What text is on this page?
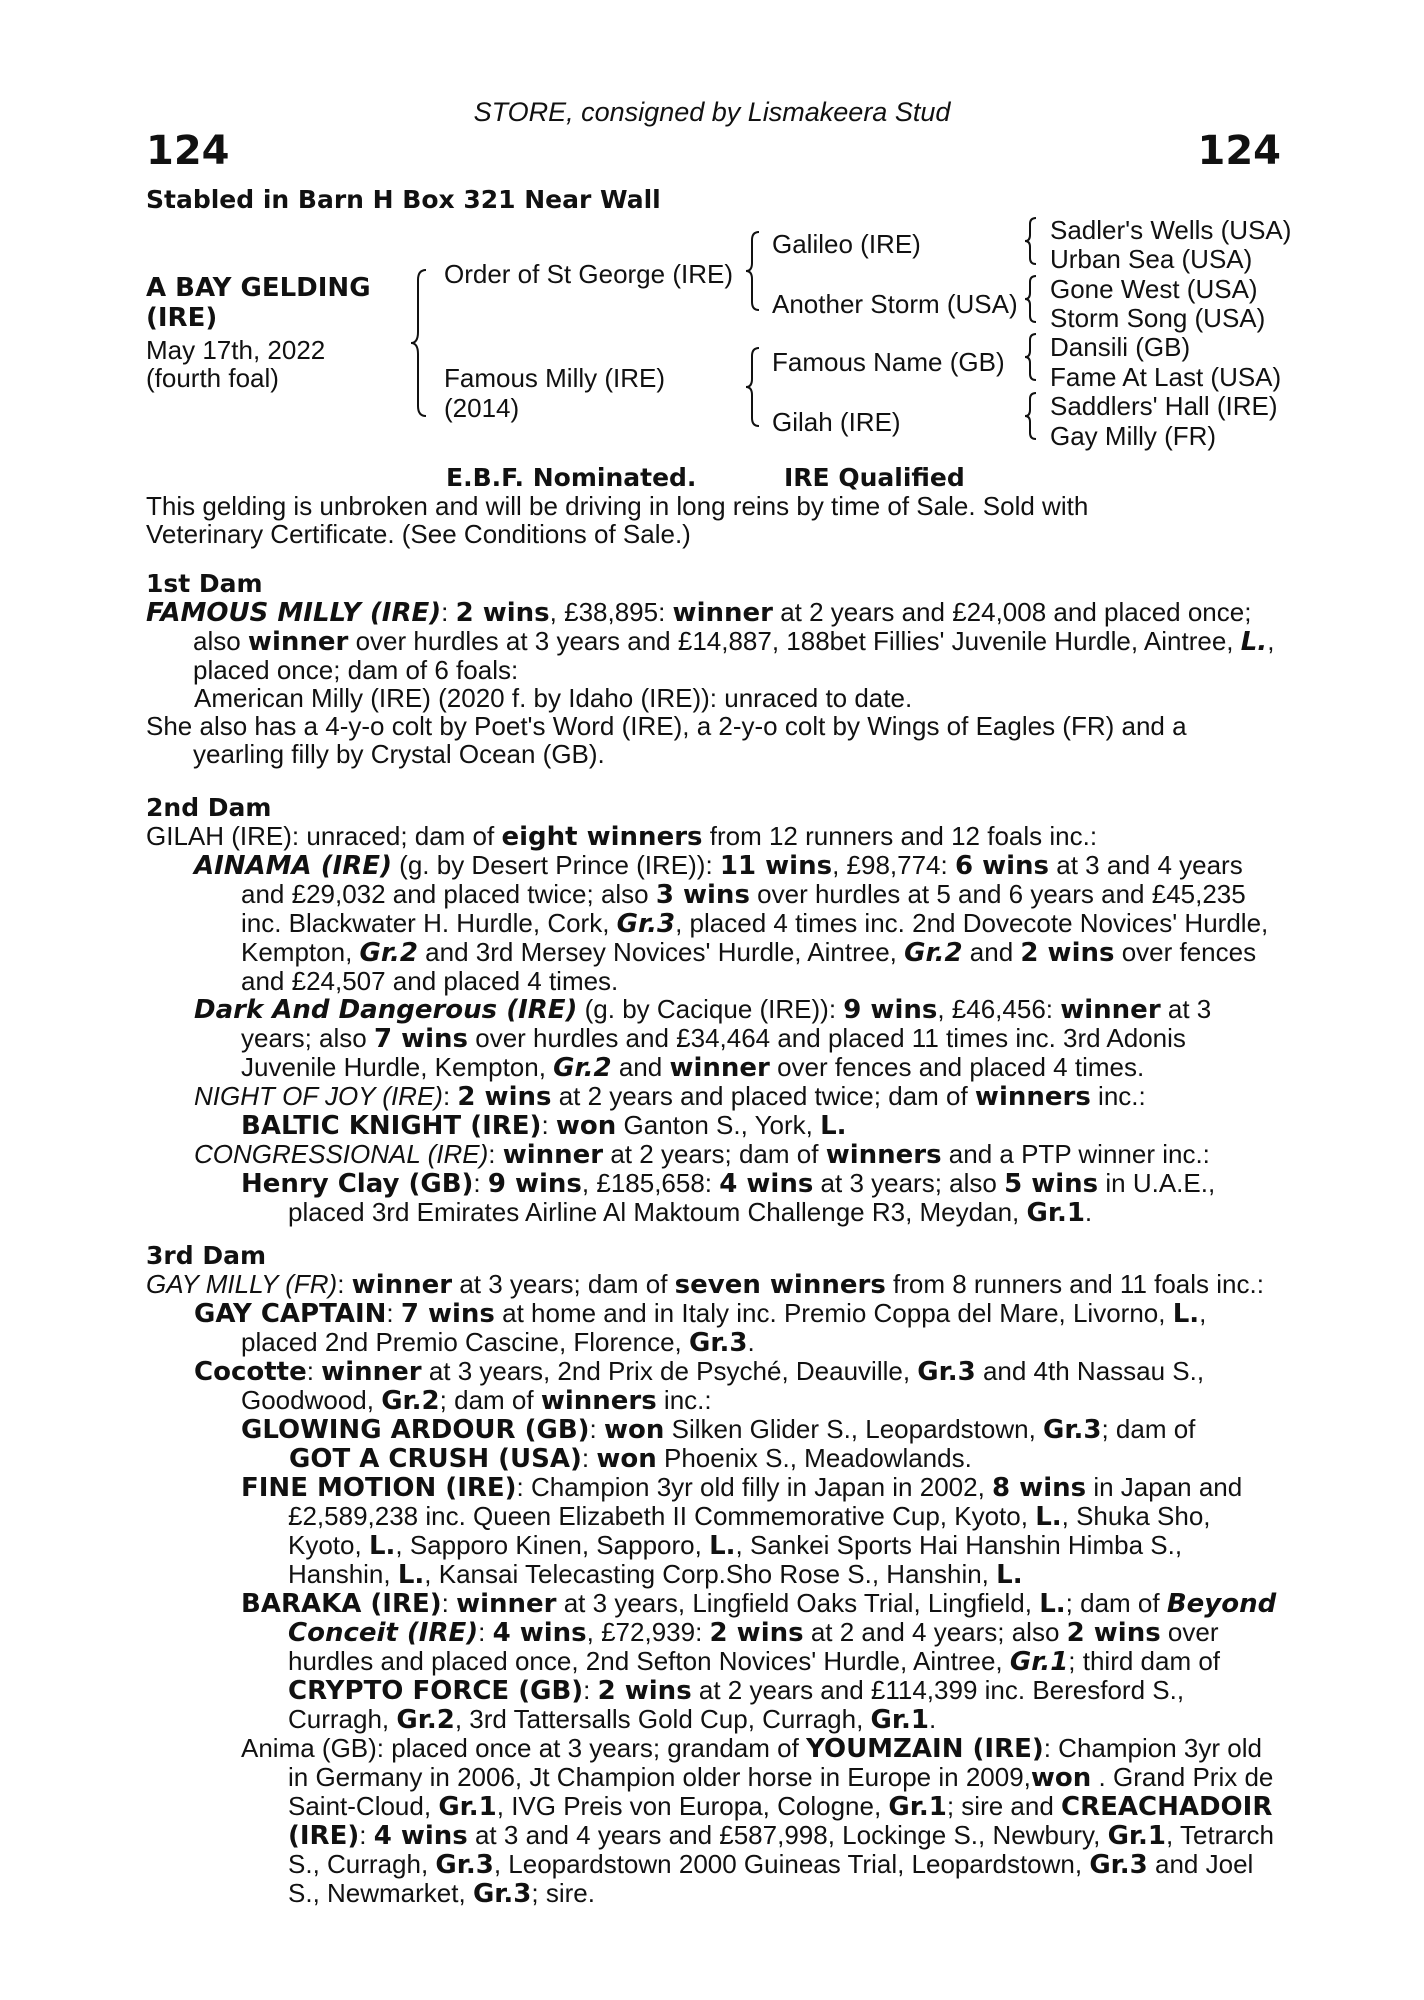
STORE, consigned by Lismakeera Stud
124	124
Stabled in Barn H Box 321 Near Wall
A BAY GELDING
(IRE)
May 17th, 2022
(fourth foal)
Order of St George (IRE)
Famous Milly (IRE)
(2014)
Galileo (IRE)
Another Storm (USA)
Famous Name (GB)
Gilah (IRE)
Sadler's Wells (USA)
Urban Sea (USA)
Gone West (USA)
Storm Song (USA)
Dansili (GB)
Fame At Last (USA)
Saddlers' Hall (IRE)
Gay Milly (FR)
E.B.F. Nominated.	IRE Qualified
This gelding is unbroken and will be driving in long reins by time of Sale. Sold with
Veterinary Certificate. (See Conditions of Sale.)

1st Dam

FAMOUS MILLY (IRE): 2 wins, £38,895: winner at 2 years and £24,008 and placed once; also winner over hurdles at 3 years and £14,887, 188bet Fillies' Juvenile Hurdle, Aintree, L., placed once; dam of 6 foals:

American Milly (IRE) (2020 f. by Idaho (IRE)): unraced to date.

She also has a 4-y-o colt by Poet's Word (IRE), a 2-y-o colt by Wings of Eagles (FR) and a yearling filly by Crystal Ocean (GB).

2nd Dam

GILAH (IRE): unraced; dam of eight winners from 12 runners and 12 foals inc.:

AINAMA (IRE) (g. by Desert Prince (IRE)): 11 wins, £98,774: 6 wins at 3 and 4 years and £29,032 and placed twice; also 3 wins over hurdles at 5 and 6 years and £45,235 inc. Blackwater H. Hurdle, Cork, Gr.3, placed 4 times inc. 2nd Dovecote Novices' Hurdle, Kempton, Gr.2 and 3rd Mersey Novices' Hurdle, Aintree, Gr.2 and 2 wins over fences and £24,507 and placed 4 times.

Dark And Dangerous (IRE) (g. by Cacique (IRE)): 9 wins, £46,456: winner at 3 years; also 7 wins over hurdles and £34,464 and placed 11 times inc. 3rd Adonis Juvenile Hurdle, Kempton, Gr.2 and winner over fences and placed 4 times.

NIGHT OF JOY (IRE): 2 wins at 2 years and placed twice; dam of winners inc.:

BALTIC KNIGHT (IRE): won Ganton S., York, L.

CONGRESSIONAL (IRE): winner at 2 years; dam of winners and a PTP winner inc.:

Henry Clay (GB): 9 wins, £185,658: 4 wins at 3 years; also 5 wins in U.A.E., placed 3rd Emirates Airline Al Maktoum Challenge R3, Meydan, Gr.1.

3rd Dam

GAY MILLY (FR): winner at 3 years; dam of seven winners from 8 runners and 11 foals inc.:

GAY CAPTAIN: 7 wins at home and in Italy inc. Premio Coppa del Mare, Livorno, L., placed 2nd Premio Cascine, Florence, Gr.3.

Cocotte: winner at 3 years, 2nd Prix de Psyché, Deauville, Gr.3 and 4th Nassau S., Goodwood, Gr.2; dam of winners inc.:

GLOWING ARDOUR (GB): won Silken Glider S., Leopardstown, Gr.3; dam of

GOT A CRUSH (USA): won Phoenix S., Meadowlands.

FINE MOTION (IRE): Champion 3yr old filly in Japan in 2002, 8 wins in Japan and £2,589,238 inc. Queen Elizabeth II Commemorative Cup, Kyoto, L., Shuka Sho, Kyoto, L., Sapporo Kinen, Sapporo, L., Sankei Sports Hai Hanshin Himba S., Hanshin, L., Kansai Telecasting Corp.Sho Rose S., Hanshin, L.

BARAKA (IRE): winner at 3 years, Lingfield Oaks Trial, Lingfield, L.; dam of Beyond Conceit (IRE): 4 wins, £72,939: 2 wins at 2 and 4 years; also 2 wins over hurdles and placed once, 2nd Sefton Novices' Hurdle, Aintree, Gr.1; third dam of CRYPTO FORCE (GB): 2 wins at 2 years and £114,399 inc. Beresford S., Curragh, Gr.2, 3rd Tattersalls Gold Cup, Curragh, Gr.1.

Anima (GB): placed once at 3 years; grandam of YOUMZAIN (IRE): Champion 3yr old in Germany in 2006, Jt Champion older horse in Europe in 2009,won . Grand Prix de Saint-Cloud, Gr.1, IVG Preis von Europa, Cologne, Gr.1; sire and CREACHADOIR (IRE): 4 wins at 3 and 4 years and £587,998, Lockinge S., Newbury, Gr.1, Tetrarch S., Curragh, Gr.3, Leopardstown 2000 Guineas Trial, Leopardstown, Gr.3 and Joel S., Newmarket, Gr.3; sire.
